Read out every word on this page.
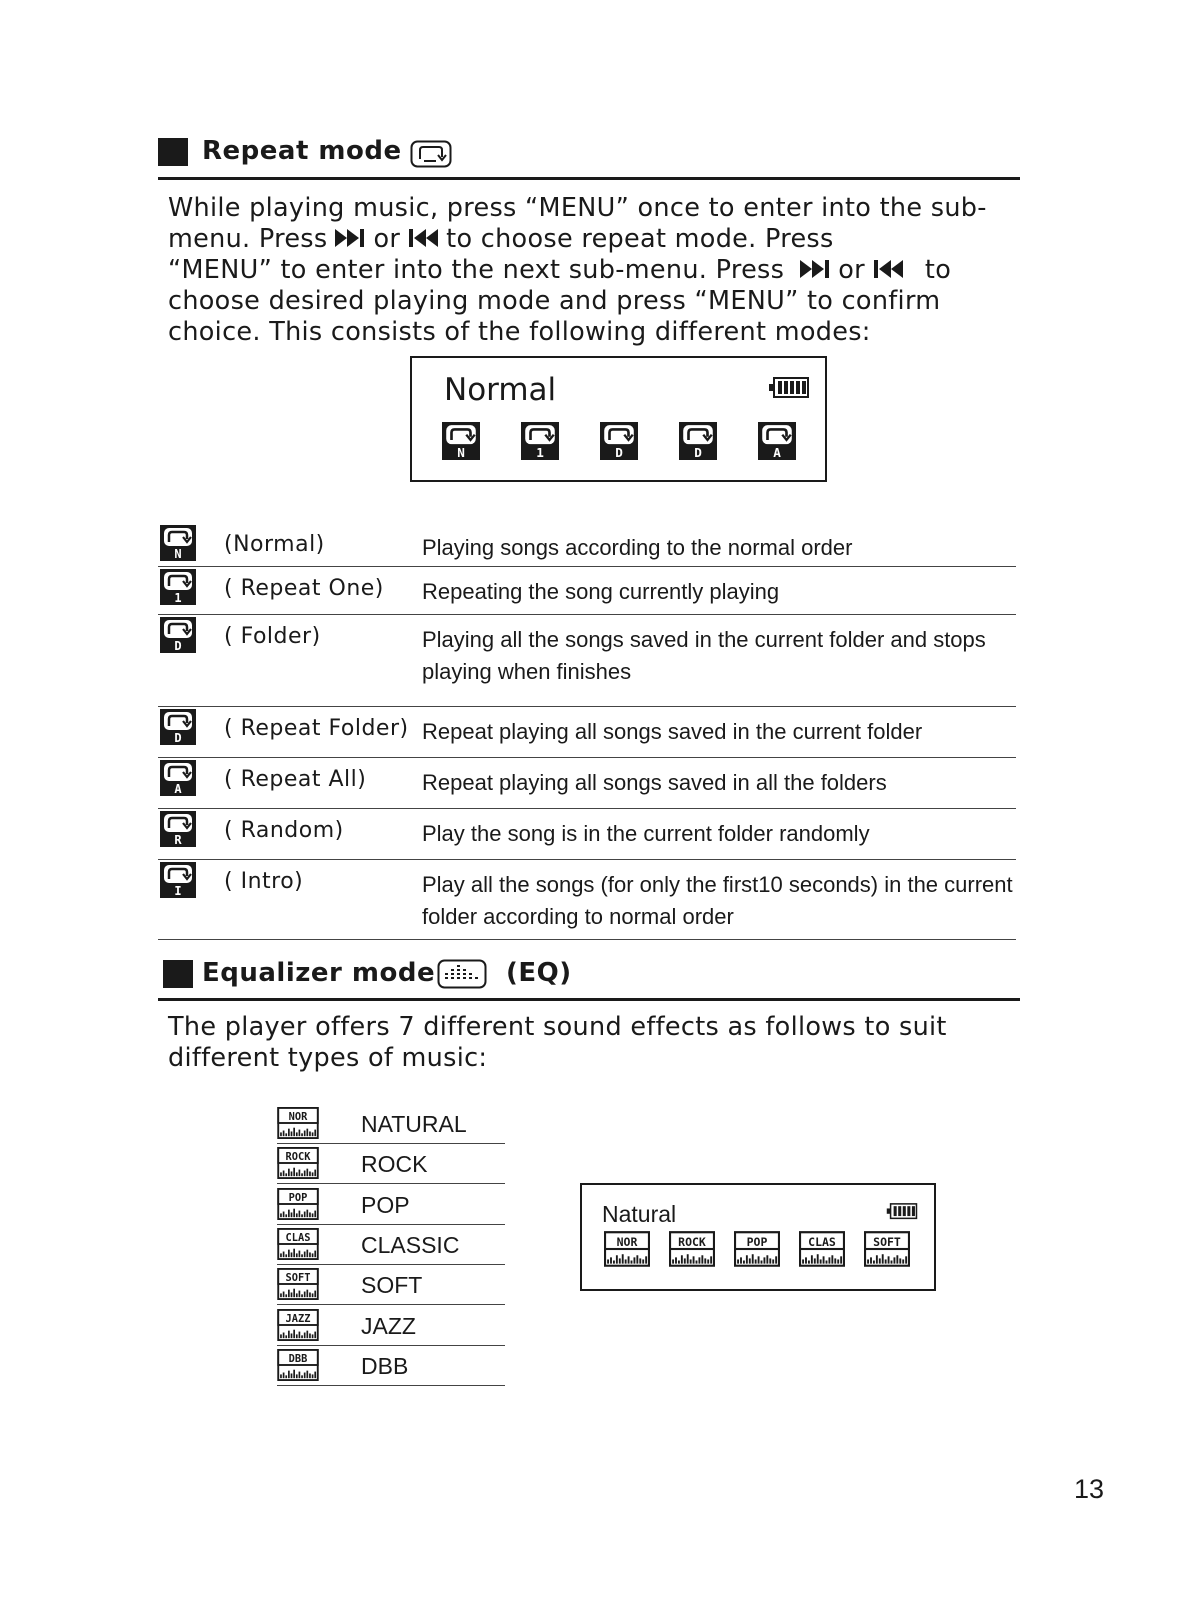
Repeat mode
While playing music, press “MENU” once to enter into the sub-
menu. Press or to choose repeat mode. Press
“MENU” to enter into the next sub-menu. Press or to
choose desired playing mode and press “MENU” to confirm
choice. This consists of the following different modes:
Normal
N	1	D	D	A
N (Normal)	Playing songs according to the normal order
1 ( Repeat One) Repeating the song currently playing
D ( Folder)	Playing all the songs saved in the current folder and stops playing when finishes
D ( Repeat Folder) Repeat playing all songs saved in the current folder
A ( Repeat All)	Repeat playing all songs saved in all the folders
R ( Random)	Play the song is in the current folder randomly
I ( Intro)	Play all the songs (for only the first10 seconds) in the current folder according to normal order
Equalizer mode	(EQ)
The player offers 7 different sound effects as follows to suit
different types of music:
NOR NATURAL
ROCK ROCK
POP POP
CLAS CLASSIC
SOFT SOFT
JAZZ JAZZ
DBB DBB
Natural
NOR	ROCK	POP	CLAS	SOFT
13
